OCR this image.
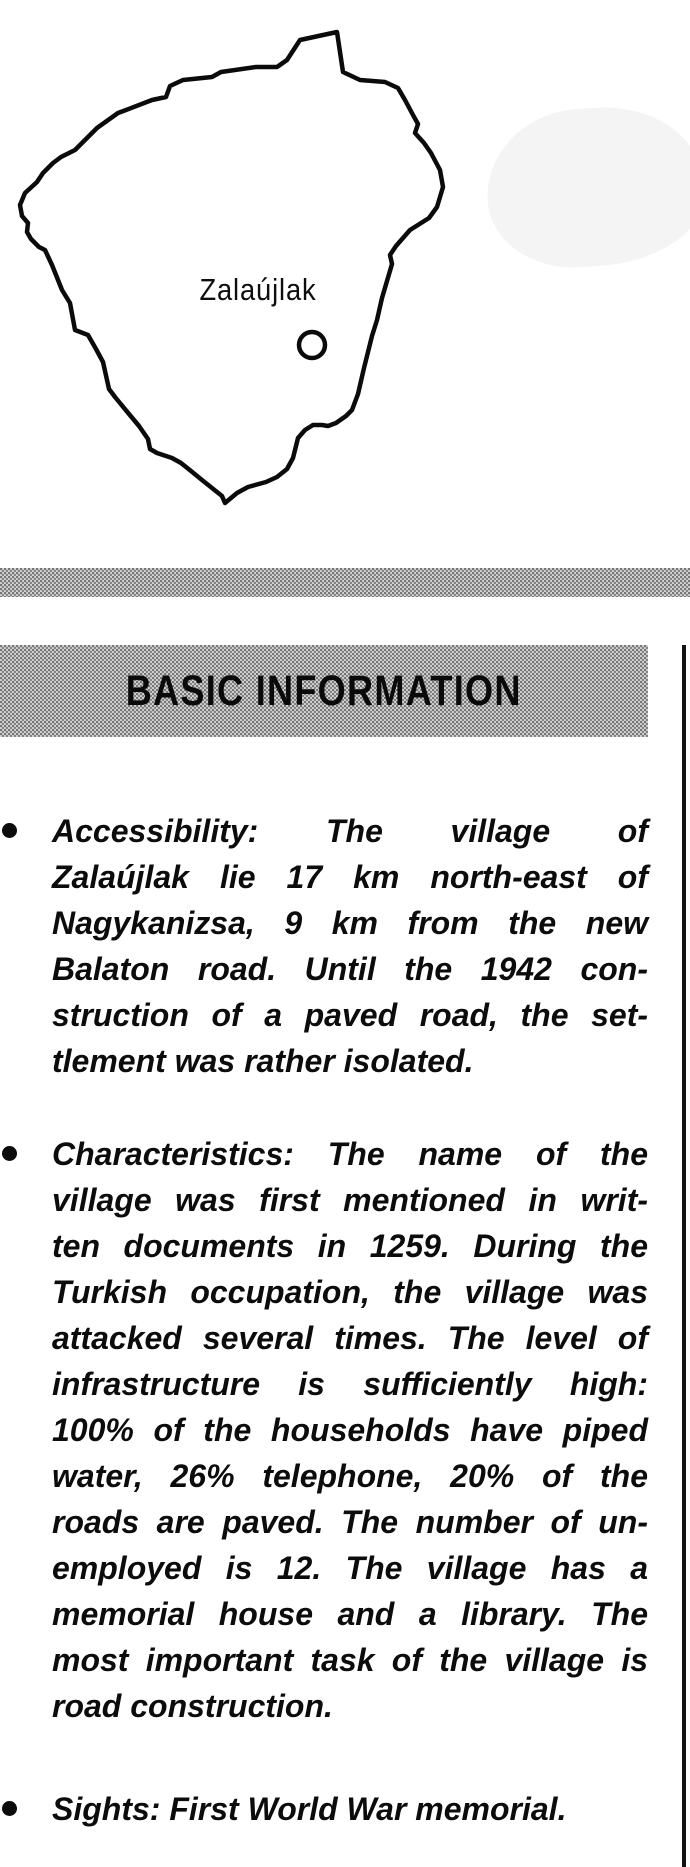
Zalaújlak
BASIC INFORMATION
Accessibility: The village of
Zalaújlak lie 17 km north-east of
Nagykanizsa, 9 km from the new
Balaton road. Until the 1942 con-
struction of a paved road, the set-
tlement was rather isolated.
Characteristics: The name of the
village was first mentioned in writ-
ten documents in 1259. During the
Turkish occupation, the village was
attacked several times. The level of
infrastructure is sufficiently high:
100% of the households have piped
water, 26% telephone, 20% of the
roads are paved. The number of un-
employed is 12. The village has a
memorial house and a library. The
most important task of the village is
road construction.
Sights: First World War memorial.
